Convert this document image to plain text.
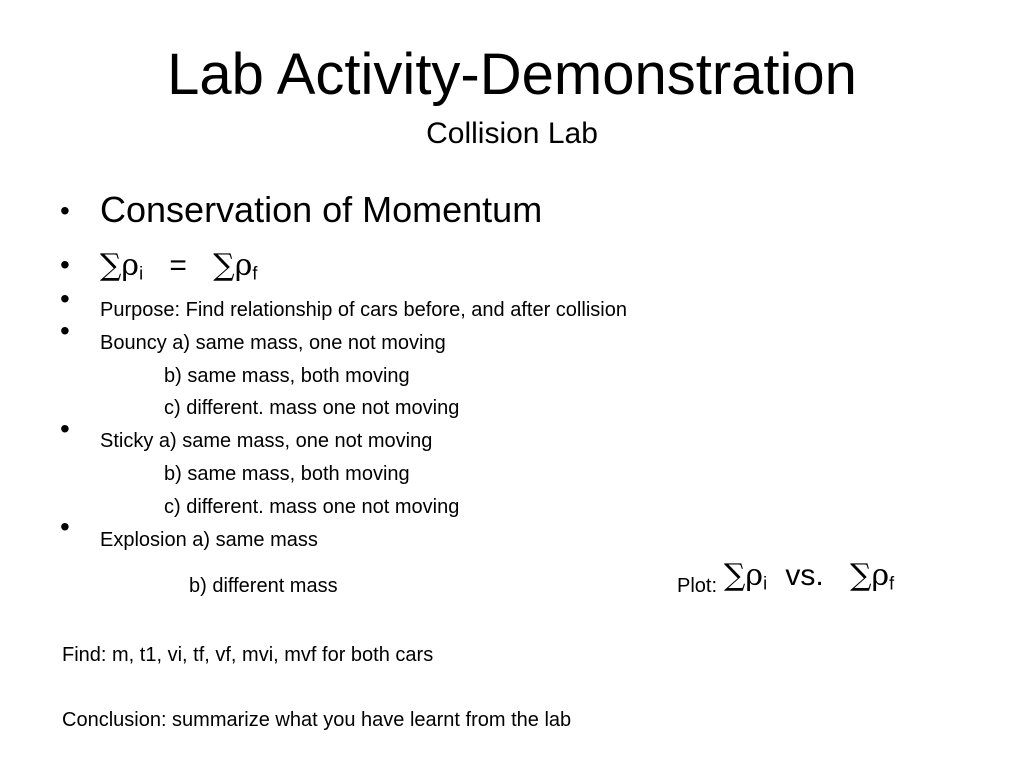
Lab Activity-Demonstration
Collision Lab
•
•
•
•
•
•
Conservation of Momentum
$\sum\rho_i = \sum\rho_f$
Purpose: Find relationship of cars before, and after collision
Bouncy a) same mass, one not moving
b) same mass, both moving
c) different. mass one not moving
Sticky a) same mass, one not moving
b) same mass, both moving
c) different. mass one not moving
Explosion a) same mass
b) different mass	Plot: $\sum\rho_i$ vs. $\sum\rho_f$
Find: m, t1, vi, tf, vf, mvi, mvf for both cars
Conclusion: summarize what you have learnt from the lab
